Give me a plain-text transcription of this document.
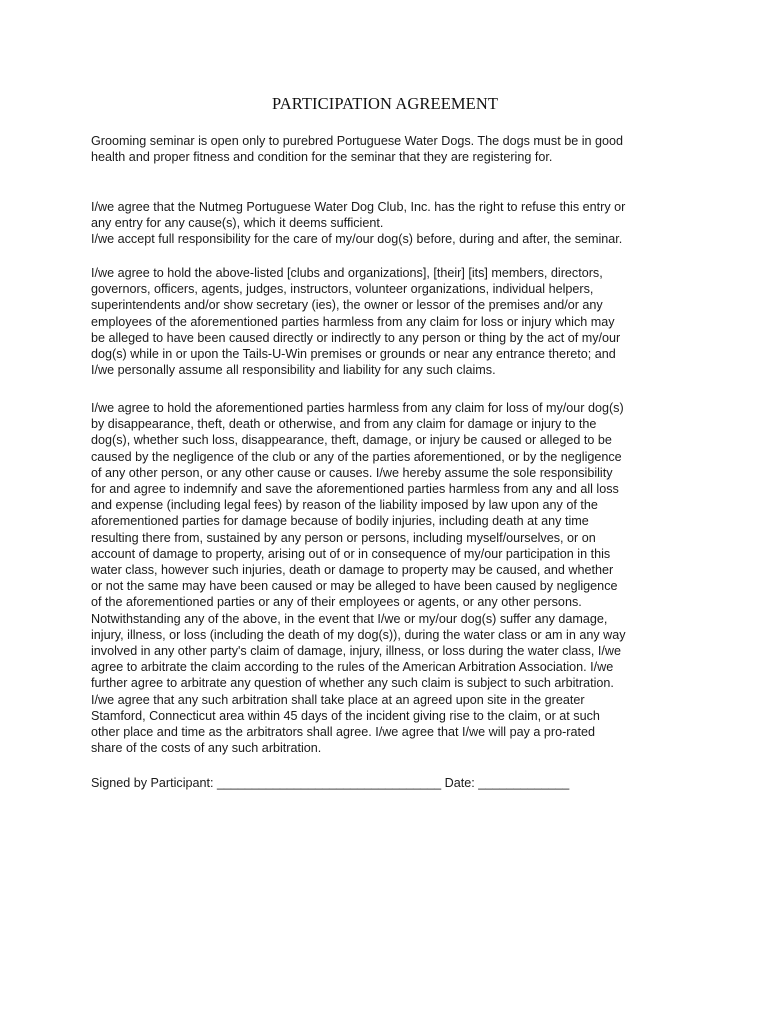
PARTICIPATION AGREEMENT

Grooming seminar is open only to purebred Portuguese Water Dogs. The dogs must be in good
health and proper fitness and condition for the seminar that they are registering for.

I/we agree that the Nutmeg Portuguese Water Dog Club, Inc. has the right to refuse this entry or
any entry for any cause(s), which it deems sufficient.
I/we accept full responsibility for the care of my/our dog(s) before, during and after, the seminar.

I/we agree to hold the above-listed [clubs and organizations], [their] [its] members, directors,
governors, officers, agents, judges, instructors, volunteer organizations, individual helpers,
superintendents and/or show secretary (ies), the owner or lessor of the premises and/or any
employees of the aforementioned parties harmless from any claim for loss or injury which may
be alleged to have been caused directly or indirectly to any person or thing by the act of my/our
dog(s) while in or upon the Tails-U-Win premises or grounds or near any entrance thereto; and
I/we personally assume all responsibility and liability for any such claims.

I/we agree to hold the aforementioned parties harmless from any claim for loss of my/our dog(s)
by disappearance, theft, death or otherwise, and from any claim for damage or injury to the
dog(s), whether such loss, disappearance, theft, damage, or injury be caused or alleged to be
caused by the negligence of the club or any of the parties aforementioned, or by the negligence
of any other person, or any other cause or causes. I/we hereby assume the sole responsibility
for and agree to indemnify and save the aforementioned parties harmless from any and all loss
and expense (including legal fees) by reason of the liability imposed by law upon any of the
aforementioned parties for damage because of bodily injuries, including death at any time
resulting there from, sustained by any person or persons, including myself/ourselves, or on
account of damage to property, arising out of or in consequence of my/our participation in this
water class, however such injuries, death or damage to property may be caused, and whether
or not the same may have been caused or may be alleged to have been caused by negligence
of the aforementioned parties or any of their employees or agents, or any other persons.
Notwithstanding any of the above, in the event that I/we or my/our dog(s) suffer any damage,
injury, illness, or loss (including the death of my dog(s)), during the water class or am in any way
involved in any other party's claim of damage, injury, illness, or loss during the water class, I/we
agree to arbitrate the claim according to the rules of the American Arbitration Association. I/we
further agree to arbitrate any question of whether any such claim is subject to such arbitration.
I/we agree that any such arbitration shall take place at an agreed upon site in the greater
Stamford, Connecticut area within 45 days of the incident giving rise to the claim, or at such
other place and time as the arbitrators shall agree. I/we agree that I/we will pay a pro-rated
share of the costs of any such arbitration.

Signed by Participant: ________________________________ Date: _____________
